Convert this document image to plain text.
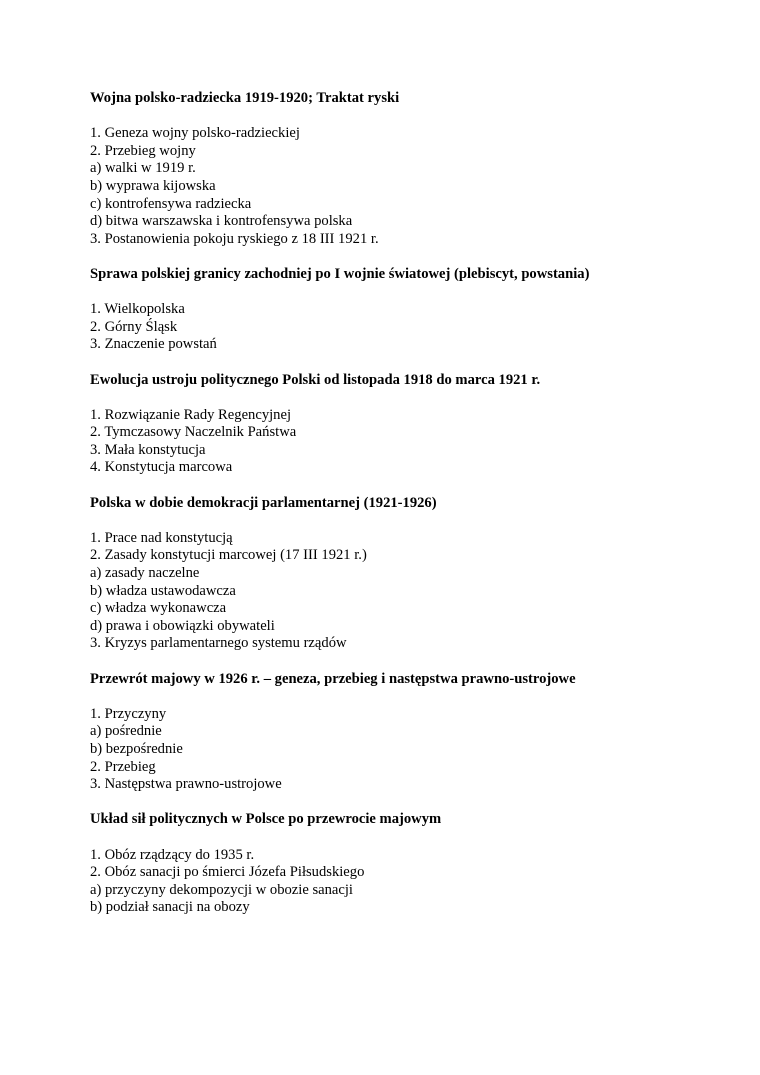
Wojna polsko-radziecka 1919-1920; Traktat ryski
1. Geneza wojny polsko-radzieckiej
2. Przebieg wojny
a) walki w 1919 r.
b) wyprawa kijowska
c) kontrofensywa radziecka
d) bitwa warszawska i kontrofensywa polska
3. Postanowienia pokoju ryskiego z 18 III 1921 r.
Sprawa polskiej granicy zachodniej po I wojnie światowej (plebiscyt, powstania)
1. Wielkopolska
2. Górny Śląsk
3. Znaczenie powstań
Ewolucja ustroju politycznego Polski od listopada 1918 do marca 1921 r.
1. Rozwiązanie Rady Regencyjnej
2. Tymczasowy Naczelnik Państwa
3. Mała konstytucja
4. Konstytucja marcowa
Polska w dobie demokracji parlamentarnej (1921-1926)
1. Prace nad konstytucją
2. Zasady konstytucji marcowej (17 III 1921 r.)
a) zasady naczelne
b) władza ustawodawcza
c) władza wykonawcza
d) prawa i obowiązki obywateli
3. Kryzys parlamentarnego systemu rządów
Przewrót majowy w 1926 r. – geneza, przebieg i następstwa prawno-ustrojowe
1. Przyczyny
a) pośrednie
b) bezpośrednie
2. Przebieg
3. Następstwa prawno-ustrojowe
Układ sił politycznych w Polsce po przewrocie majowym
1. Obóz rządzący do 1935 r.
2. Obóz sanacji po śmierci Józefa Piłsudskiego
a) przyczyny dekompozycji w obozie sanacji
b) podział sanacji na obozy
